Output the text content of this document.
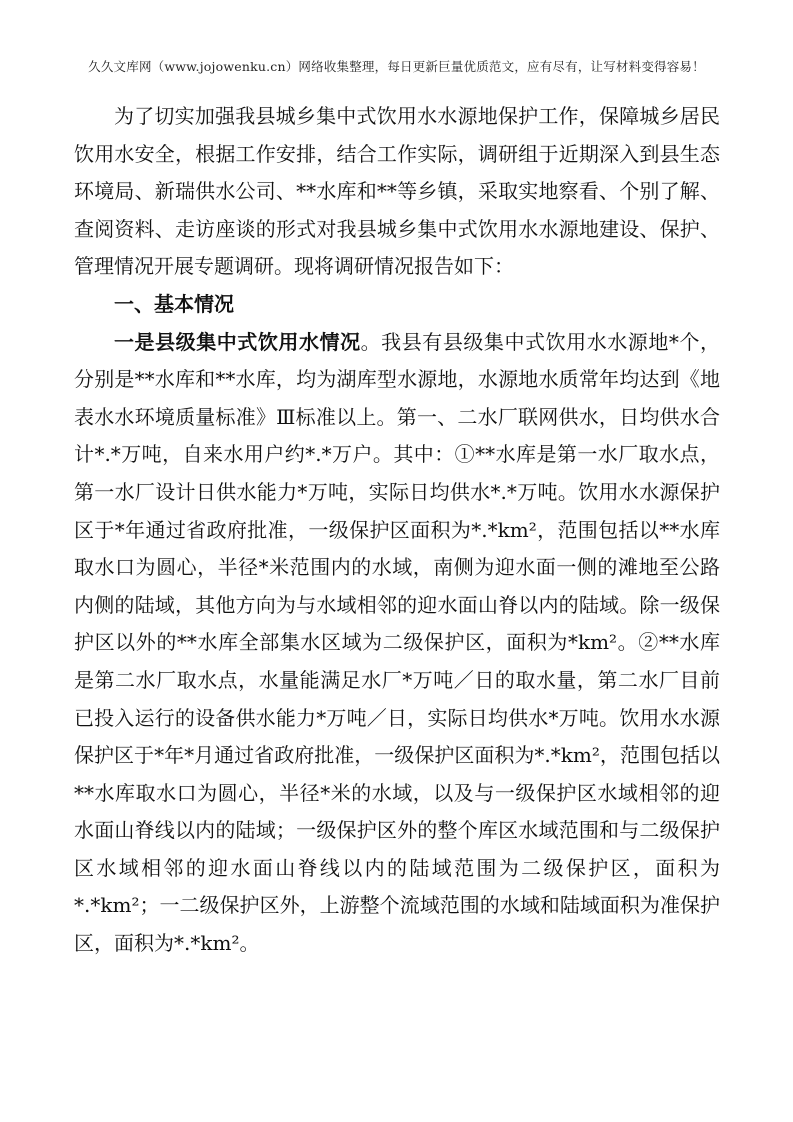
久久文库网（www.jojowenku.cn）网络收集整理，每日更新巨量优质范文，应有尽有，让写材料变得容易！

为了切实加强我县城乡集中式饮用水水源地保护工作，保障城乡居民饮用水安全，根据工作安排，结合工作实际，调研组于近期深入到县生态环境局、新瑞供水公司、**水库和**等乡镇，采取实地察看、个别了解、查阅资料、走访座谈的形式对我县城乡集中式饮用水水源地建设、保护、管理情况开展专题调研。现将调研情况报告如下：

一、基本情况

一是县级集中式饮用水情况。我县有县级集中式饮用水水源地*个，分别是**水库和**水库，均为湖库型水源地，水源地水质常年均达到《地表水水环境质量标准》Ⅲ标准以上。第一、二水厂联网供水，日均供水合计*.*万吨，自来水用户约*.*万户。其中：①**水库是第一水厂取水点，第一水厂设计日供水能力*万吨，实际日均供水*.*万吨。饮用水水源保护区于*年通过省政府批准，一级保护区面积为*.*km²，范围包括以**水库取水口为圆心，半径*米范围内的水域，南侧为迎水面一侧的滩地至公路内侧的陆域，其他方向为与水域相邻的迎水面山脊以内的陆域。除一级保护区以外的**水库全部集水区域为二级保护区，面积为*km²。②**水库是第二水厂取水点，水量能满足水厂*万吨／日的取水量，第二水厂目前已投入运行的设备供水能力*万吨／日，实际日均供水*万吨。饮用水水源保护区于*年*月通过省政府批准，一级保护区面积为*.*km²，范围包括以**水库取水口为圆心，半径*米的水域，以及与一级保护区水域相邻的迎水面山脊线以内的陆域；一级保护区外的整个库区水域范围和与二级保护区水域相邻的迎水面山脊线以内的陆域范围为二级保护区，面积为*.*km²；一二级保护区外，上游整个流域范围的水域和陆域面积为准保护区，面积为*.*km²。
